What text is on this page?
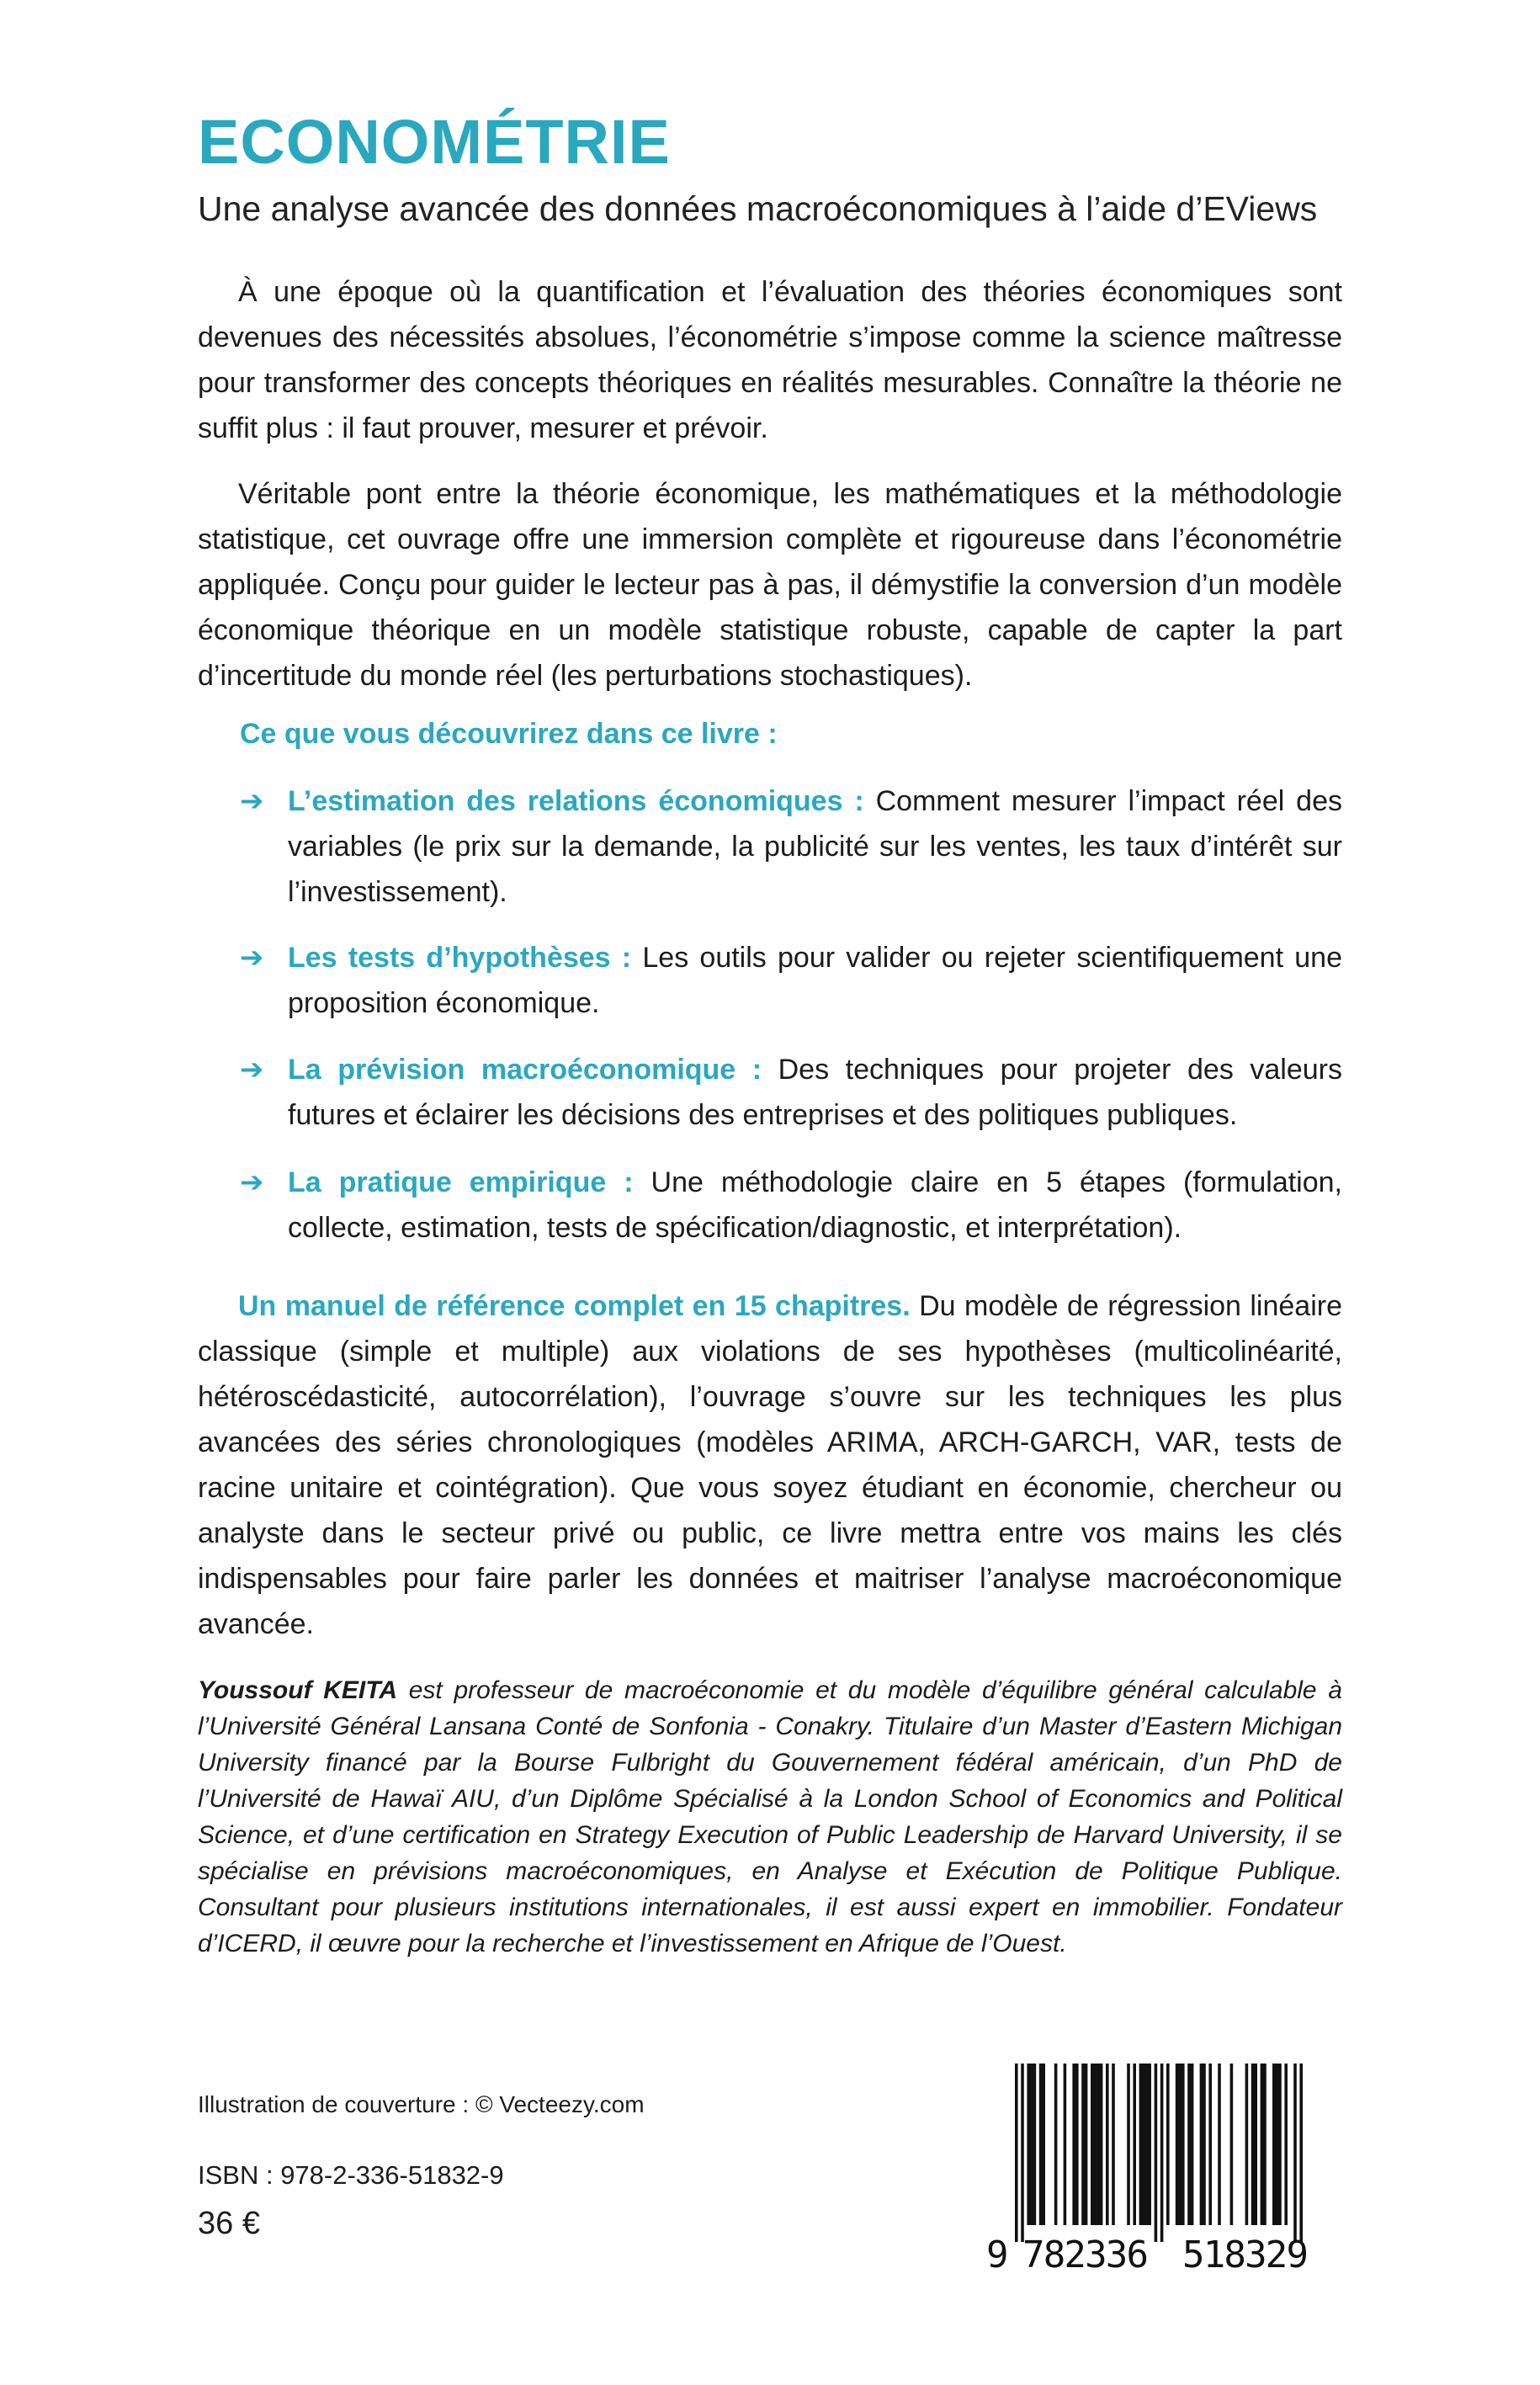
ECONOMÉTRIE
Une analyse avancée des données macroéconomiques à l’aide d’EViews

À une époque où la quantification et l’évaluation des théories économiques sont devenues des nécessités absolues, l’économétrie s’impose comme la science maîtresse pour transformer des concepts théoriques en réalités mesurables. Connaître la théorie ne suffit plus : il faut prouver, mesurer et prévoir.

Véritable pont entre la théorie économique, les mathématiques et la méthodologie statistique, cet ouvrage offre une immersion complète et rigoureuse dans l’économétrie appliquée. Conçu pour guider le lecteur pas à pas, il démystifie la conversion d’un modèle économique théorique en un modèle statistique robuste, capable de capter la part d’incertitude du monde réel (les perturbations stochastiques).

Ce que vous découvrirez dans ce livre :
➔ L’estimation des relations économiques : Comment mesurer l’impact réel des variables (le prix sur la demande, la publicité sur les ventes, les taux d’intérêt sur l’investissement).
➔ Les tests d’hypothèses : Les outils pour valider ou rejeter scientifiquement une proposition économique.
➔ La prévision macroéconomique : Des techniques pour projeter des valeurs futures et éclairer les décisions des entreprises et des politiques publiques.
➔ La pratique empirique : Une méthodologie claire en 5 étapes (formulation, collecte, estimation, tests de spécification/diagnostic, et interprétation).

Un manuel de référence complet en 15 chapitres. Du modèle de régression linéaire classique (simple et multiple) aux violations de ses hypothèses (multicolinéarité, hétéroscédasticité, autocorrélation), l’ouvrage s’ouvre sur les techniques les plus avancées des séries chronologiques (modèles ARIMA, ARCH-GARCH, VAR, tests de racine unitaire et cointégration). Que vous soyez étudiant en économie, chercheur ou analyste dans le secteur privé ou public, ce livre mettra entre vos mains les clés indispensables pour faire parler les données et maitriser l’analyse macroéconomique avancée.

Youssouf KEITA est professeur de macroéconomie et du modèle d’équilibre général calculable à l’Université Général Lansana Conté de Sonfonia - Conakry. Titulaire d’un Master d’Eastern Michigan University financé par la Bourse Fulbright du Gouvernement fédéral américain, d’un PhD de l’Université de Hawaï AIU, d’un Diplôme Spécialisé à la London School of Economics and Political Science, et d’une certification en Strategy Execution of Public Leadership de Harvard University, il se spécialise en prévisions macroéconomiques, en Analyse et Exécution de Politique Publique. Consultant pour plusieurs institutions internationales, il est aussi expert en immobilier. Fondateur d’ICERD, il œuvre pour la recherche et l’investissement en Afrique de l’Ouest.

Illustration de couverture : © Vecteezy.com
ISBN : 978-2-336-51832-9
36 €
9 782336 518329
